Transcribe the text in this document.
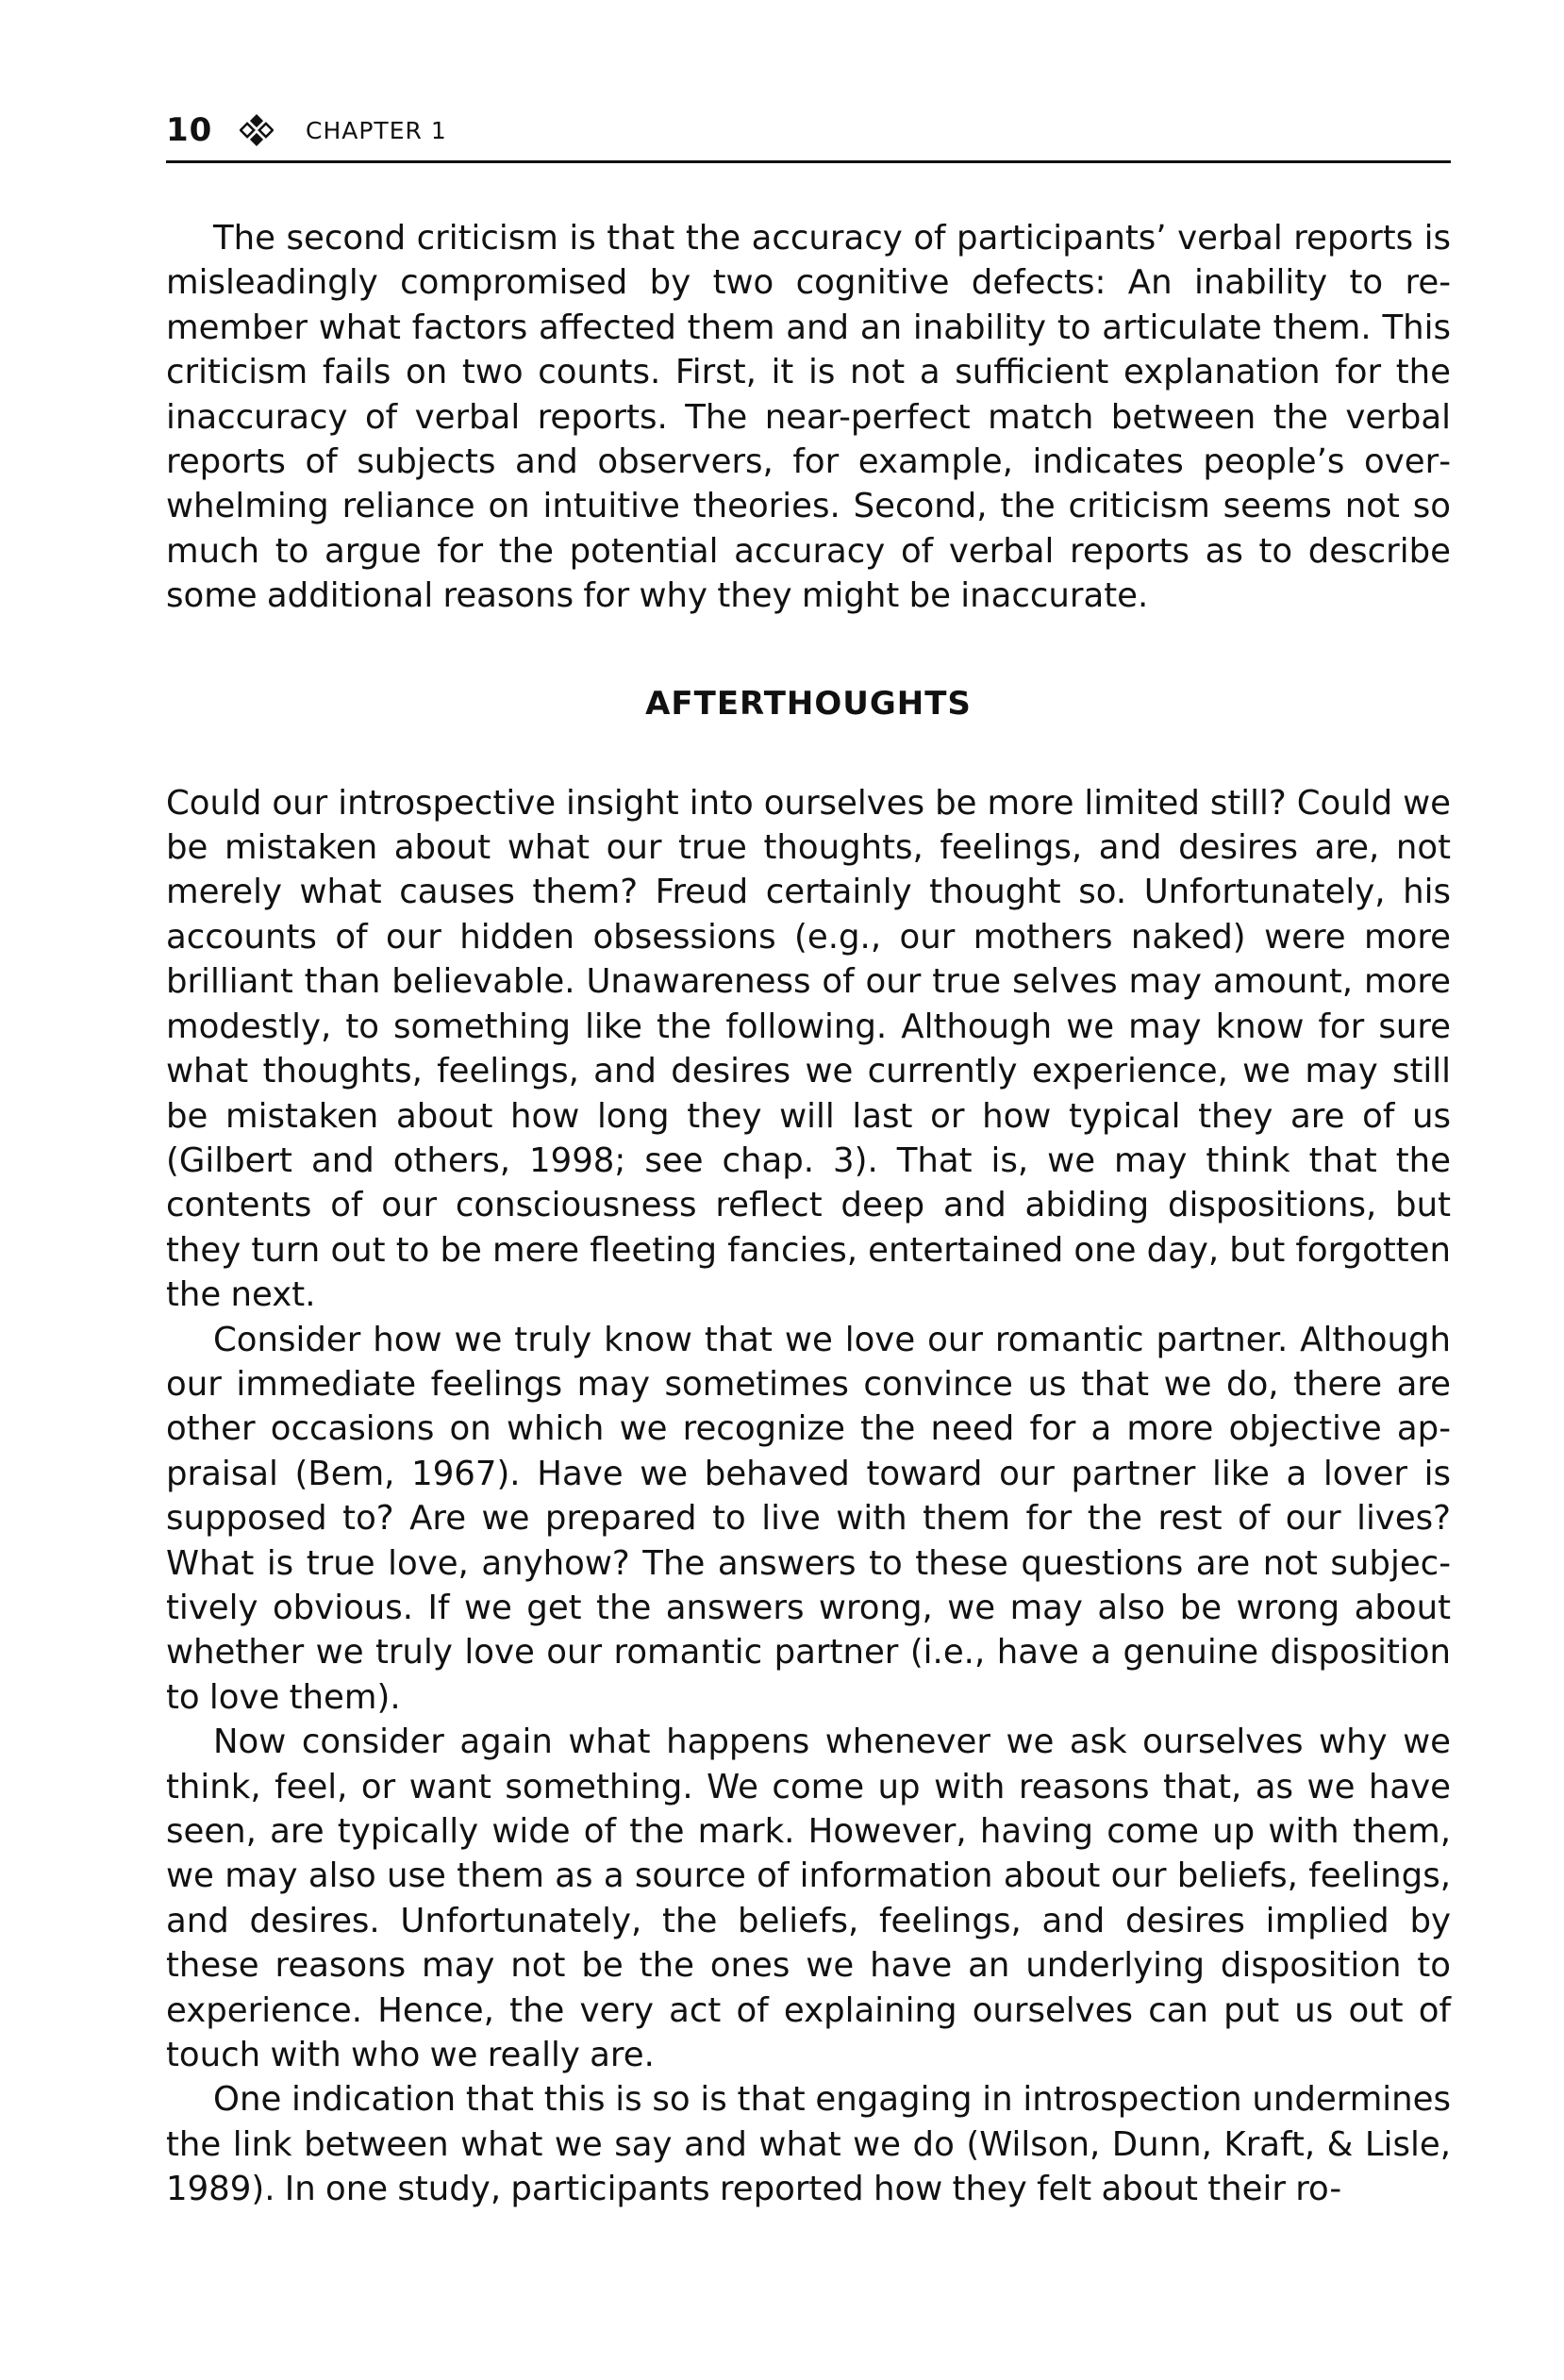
10	CHAPTER 1

The second criticism is that the accuracy of participants’ verbal reports is misleadingly compromised by two cognitive defects: An inability to remember what factors affected them and an inability to articulate them. This criticism fails on two counts. First, it is not a sufficient explanation for the inaccuracy of verbal reports. The near-perfect match between the verbal reports of subjects and observers, for example, indicates people’s overwhelming reliance on intuitive theories. Second, the criticism seems not so much to argue for the potential accuracy of verbal reports as to describe some additional reasons for why they might be inaccurate.

AFTERTHOUGHTS

Could our introspective insight into ourselves be more limited still? Could we be mistaken about what our true thoughts, feelings, and desires are, not merely what causes them? Freud certainly thought so. Unfortunately, his accounts of our hidden obsessions (e.g., our mothers naked) were more brilliant than believable. Unawareness of our true selves may amount, more modestly, to something like the following. Although we may know for sure what thoughts, feelings, and desires we currently experience, we may still be mistaken about how long they will last or how typical they are of us (Gilbert and others, 1998; see chap. 3). That is, we may think that the contents of our consciousness reflect deep and abiding dispositions, but they turn out to be mere fleeting fancies, entertained one day, but forgotten the next.

Consider how we truly know that we love our romantic partner. Although our immediate feelings may sometimes convince us that we do, there are other occasions on which we recognize the need for a more objective appraisal (Bem, 1967). Have we behaved toward our partner like a lover is supposed to? Are we prepared to live with them for the rest of our lives? What is true love, anyhow? The answers to these questions are not subjectively obvious. If we get the answers wrong, we may also be wrong about whether we truly love our romantic partner (i.e., have a genuine disposition to love them).

Now consider again what happens whenever we ask ourselves why we think, feel, or want something. We come up with reasons that, as we have seen, are typically wide of the mark. However, having come up with them, we may also use them as a source of information about our beliefs, feelings, and desires. Unfortunately, the beliefs, feelings, and desires implied by these reasons may not be the ones we have an underlying disposition to experience. Hence, the very act of explaining ourselves can put us out of touch with who we really are.

One indication that this is so is that engaging in introspection undermines the link between what we say and what we do (Wilson, Dunn, Kraft, & Lisle, 1989). In one study, participants reported how they felt about their ro-
